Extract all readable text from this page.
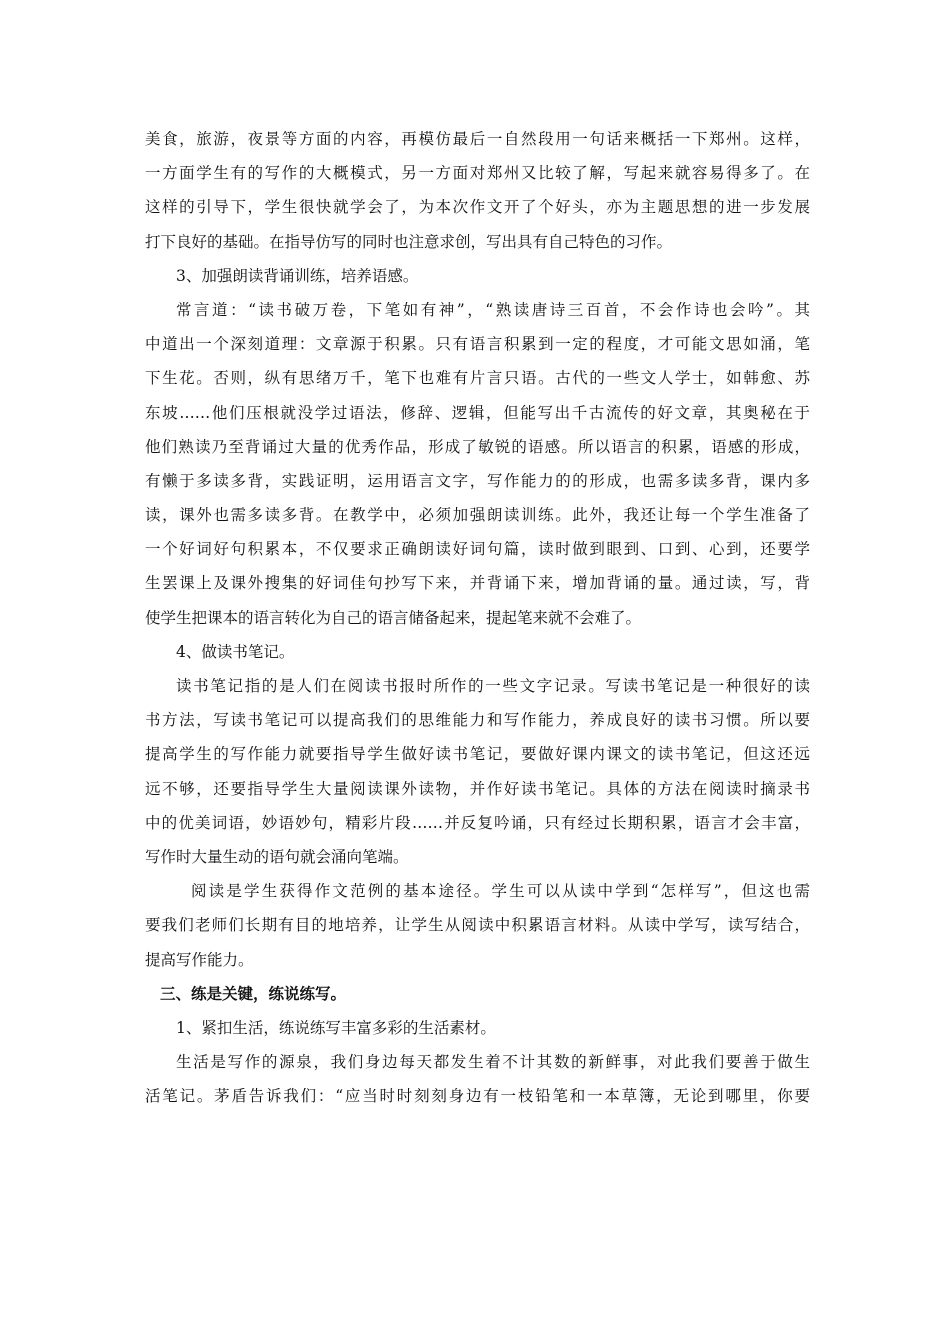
美食，旅游，夜景等方面的内容，再模仿最后一自然段用一句话来概括一下郑州。这样，
一方面学生有的写作的大概模式，另一方面对郑州又比较了解，写起来就容易得多了。在
这样的引导下，学生很快就学会了，为本次作文开了个好头，亦为主题思想的进一步发展
打下良好的基础。在指导仿写的同时也注意求创，写出具有自己特色的习作。
3、加强朗读背诵训练，培养语感。
常言道：“读书破万卷，下笔如有神”，“熟读唐诗三百首，不会作诗也会吟”。其
中道出一个深刻道理：文章源于积累。只有语言积累到一定的程度，才可能文思如涌，笔
下生花。否则，纵有思绪万千，笔下也难有片言只语。古代的一些文人学士，如韩愈、苏
东坡……他们压根就没学过语法，修辞、逻辑，但能写出千古流传的好文章，其奥秘在于
他们熟读乃至背诵过大量的优秀作品，形成了敏锐的语感。所以语言的积累，语感的形成，
有懒于多读多背，实践证明，运用语言文字，写作能力的的形成，也需多读多背，课内多
读，课外也需多读多背。在教学中，必须加强朗读训练。此外，我还让每一个学生准备了
一个好词好句积累本，不仅要求正确朗读好词句篇，读时做到眼到、口到、心到，还要学
生罢课上及课外搜集的好词佳句抄写下来，并背诵下来，增加背诵的量。通过读，写，背
使学生把课本的语言转化为自己的语言储备起来，提起笔来就不会难了。
4、做读书笔记。
读书笔记指的是人们在阅读书报时所作的一些文字记录。写读书笔记是一种很好的读
书方法，写读书笔记可以提高我们的思维能力和写作能力，养成良好的读书习惯。所以要
提高学生的写作能力就要指导学生做好读书笔记，要做好课内课文的读书笔记，但这还远
远不够，还要指导学生大量阅读课外读物，并作好读书笔记。具体的方法在阅读时摘录书
中的优美词语，妙语妙句，精彩片段……并反复吟诵，只有经过长期积累，语言才会丰富，
写作时大量生动的语句就会涌向笔端。
阅读是学生获得作文范例的基本途径。学生可以从读中学到“怎样写”，但这也需
要我们老师们长期有目的地培养，让学生从阅读中积累语言材料。从读中学写，读写结合，
提高写作能力。
三、练是关键，练说练写。
1、紧扣生活，练说练写丰富多彩的生活素材。
生活是写作的源泉，我们身边每天都发生着不计其数的新鲜事，对此我们要善于做生
活笔记。茅盾告诉我们：“应当时时刻刻身边有一枝铅笔和一本草簿，无论到哪里，你要
